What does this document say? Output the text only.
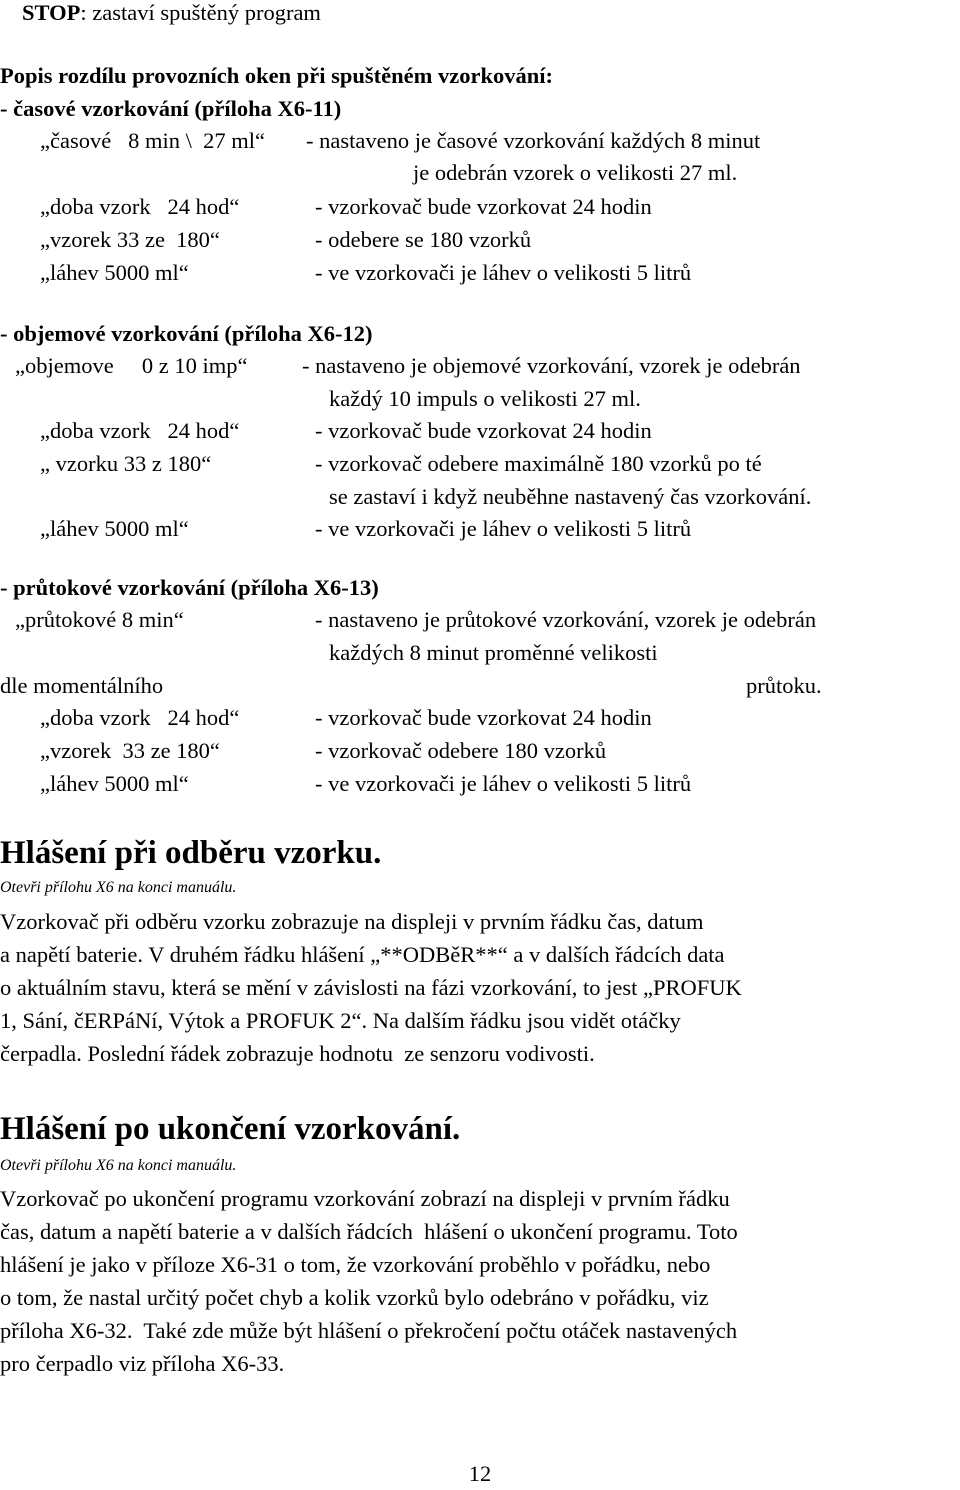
STOP: zastaví spuštěný program
Popis rozdílu provozních oken při spuštěném vzorkování:
- časové vzorkování (příloha X6-11)
„časové   8 min \  27 ml“ - nastaveno je časové vzorkování každých 8 minut
je odebrán vzorek o velikosti 27 ml.
„doba vzork   24 hod“	- vzorkovač bude vzorkovat 24 hodin
„vzorek 33 ze  180“	- odebere se 180 vzorků
„láhev 5000 ml“	- ve vzorkovači je láhev o velikosti 5 litrů
- objemové vzorkování (příloha X6-12)
„objemove     0 z 10 imp“ - nastaveno je objemové vzorkování, vzorek je odebrán
každý 10 impuls o velikosti 27 ml.
„doba vzork   24 hod“	- vzorkovač bude vzorkovat 24 hodin
„ vzorku 33 z 180“	- vzorkovač odebere maximálně 180 vzorků po té
se zastaví i když neuběhne nastavený čas vzorkování.
„láhev 5000 ml“	- ve vzorkovači je láhev o velikosti 5 litrů
- průtokové vzorkování (příloha X6-13)
„průtokové 8 min“	- nastaveno je průtokové vzorkování, vzorek je odebrán
každých 8 minut proměnné velikosti
dle momentálního	průtoku.
„doba vzork   24 hod“	- vzorkovač bude vzorkovat 24 hodin
„vzorek  33 ze 180“	- vzorkovač odebere 180 vzorků
„láhev 5000 ml“	- ve vzorkovači je láhev o velikosti 5 litrů
Hlášení při odběru vzorku.
Otevři přílohu X6 na konci manuálu.
Vzorkovač při odběru vzorku zobrazuje na displeji v prvním řádku čas, datum
a napětí baterie. V druhém řádku hlášení „**ODBěR**“ a v dalších řádcích data
o aktuálním stavu, která se mění v závislosti na fázi vzorkování, to jest „PROFUK
1, Sání, čERPáNí, Výtok a PROFUK 2“. Na dalším řádku jsou vidět otáčky
čerpadla. Poslední řádek zobrazuje hodnotu  ze senzoru vodivosti.
Hlášení po ukončení vzorkování.
Otevři přílohu X6 na konci manuálu.
Vzorkovač po ukončení programu vzorkování zobrazí na displeji v prvním řádku
čas, datum a napětí baterie a v dalších řádcích  hlášení o ukončení programu. Toto
hlášení je jako v příloze X6-31 o tom, že vzorkování proběhlo v pořádku, nebo
o tom, že nastal určitý počet chyb a kolik vzorků bylo odebráno v pořádku, viz
příloha X6-32.  Také zde může být hlášení o překročení počtu otáček nastavených
pro čerpadlo viz příloha X6-33.
12
